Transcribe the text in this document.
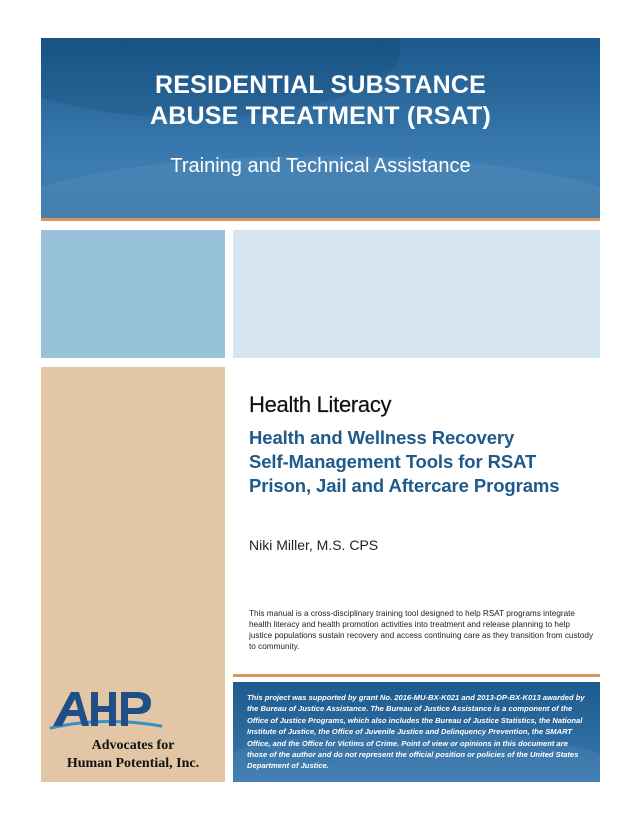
RESIDENTIAL SUBSTANCE
ABUSE TREATMENT (RSAT)
Training and Technical Assistance
Health Literacy
Health and Wellness Recovery
Self-Management Tools for RSAT
Prison, Jail and Aftercare Programs
Niki Miller, M.S. CPS
This manual is a cross-disciplinary training tool designed to help RSAT programs integrate health literacy and health promotion activities into treatment and release planning to help justice populations sustain recovery and access continuing care as they transition from custody to community.
Advocates for
Human Potential, Inc.
This project was supported by grant No. 2016-MU-BX-K021 and 2013-DP-BX-K013 awarded by the Bureau of Justice Assistance. The Bureau of Justice Assistance is a component of the Office of Justice Programs, which also includes the Bureau of Justice Statistics, the National Institute of Justice, the Office of Juvenile Justice and Delinquency Prevention, the SMART Office, and the Office for Victims of Crime. Point of view or opinions in this document are those of the author and do not represent the official position or policies of the United States Department of Justice.
